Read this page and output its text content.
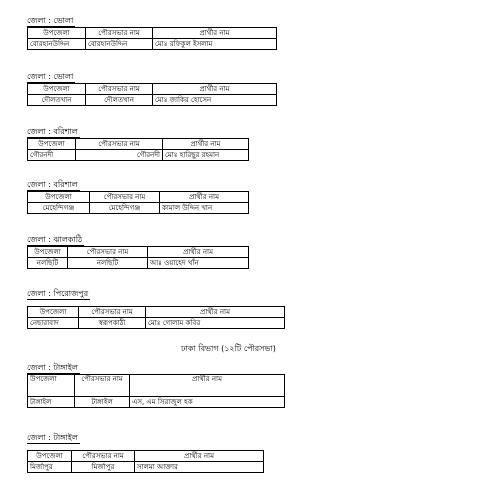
জেলা : ভোলা
উপজেলা	পৌরসভার নাম	প্রার্থীর নাম
বোরহানউদ্দিন	বোরহানউদ্দিন	মোঃ রফিকুল ইসলাম
জেলা : ভোলা
উপজেলা	পৌরসভার নাম	প্রার্থীর নাম
দৌলতখান	দৌলতখান	মোঃ জাকির হোসেন
জেলা : বরিশাল
উপজেলা	পৌরসভার নাম	প্রার্থীর নাম
গৌরনদী	গৌরনদী	মোঃ হারিছুর রহমান
জেলা : বরিশাল
উপজেলা	পৌরসভার নাম	প্রার্থীর নাম
মেহেন্দিগঞ্জ	মেহেন্দিগঞ্জ	কামাল উদ্দিন খান
জেলা : ঝালকাঠি
উপজেলা	পৌরসভার নাম	প্রার্থীর নাম
নলছিটি	নলছিটি	আঃ ওয়াহেদ খাঁন
জেলা : পিরোজপুর
উপজেলা	পৌরসভার নাম	প্রার্থীর নাম
নেছারাবাদ	স্বরূপকাঠী	মোঃ গোলাম কবির
ঢাকা বিভাগ (১২টি পৌরসভা)
জেলা : টাঙ্গাইল
উপজেলা	পৌরসভার নাম	প্রার্থীর নাম
টাঙ্গাইল	টাঙ্গাইল	এস, এম সিরাজুল হক
জেলা : টাঙ্গাইল
উপজেলা	পৌরসভার নাম	প্রার্থীর নাম
মির্জাপুর	মির্জাপুর	সালমা আক্তার
